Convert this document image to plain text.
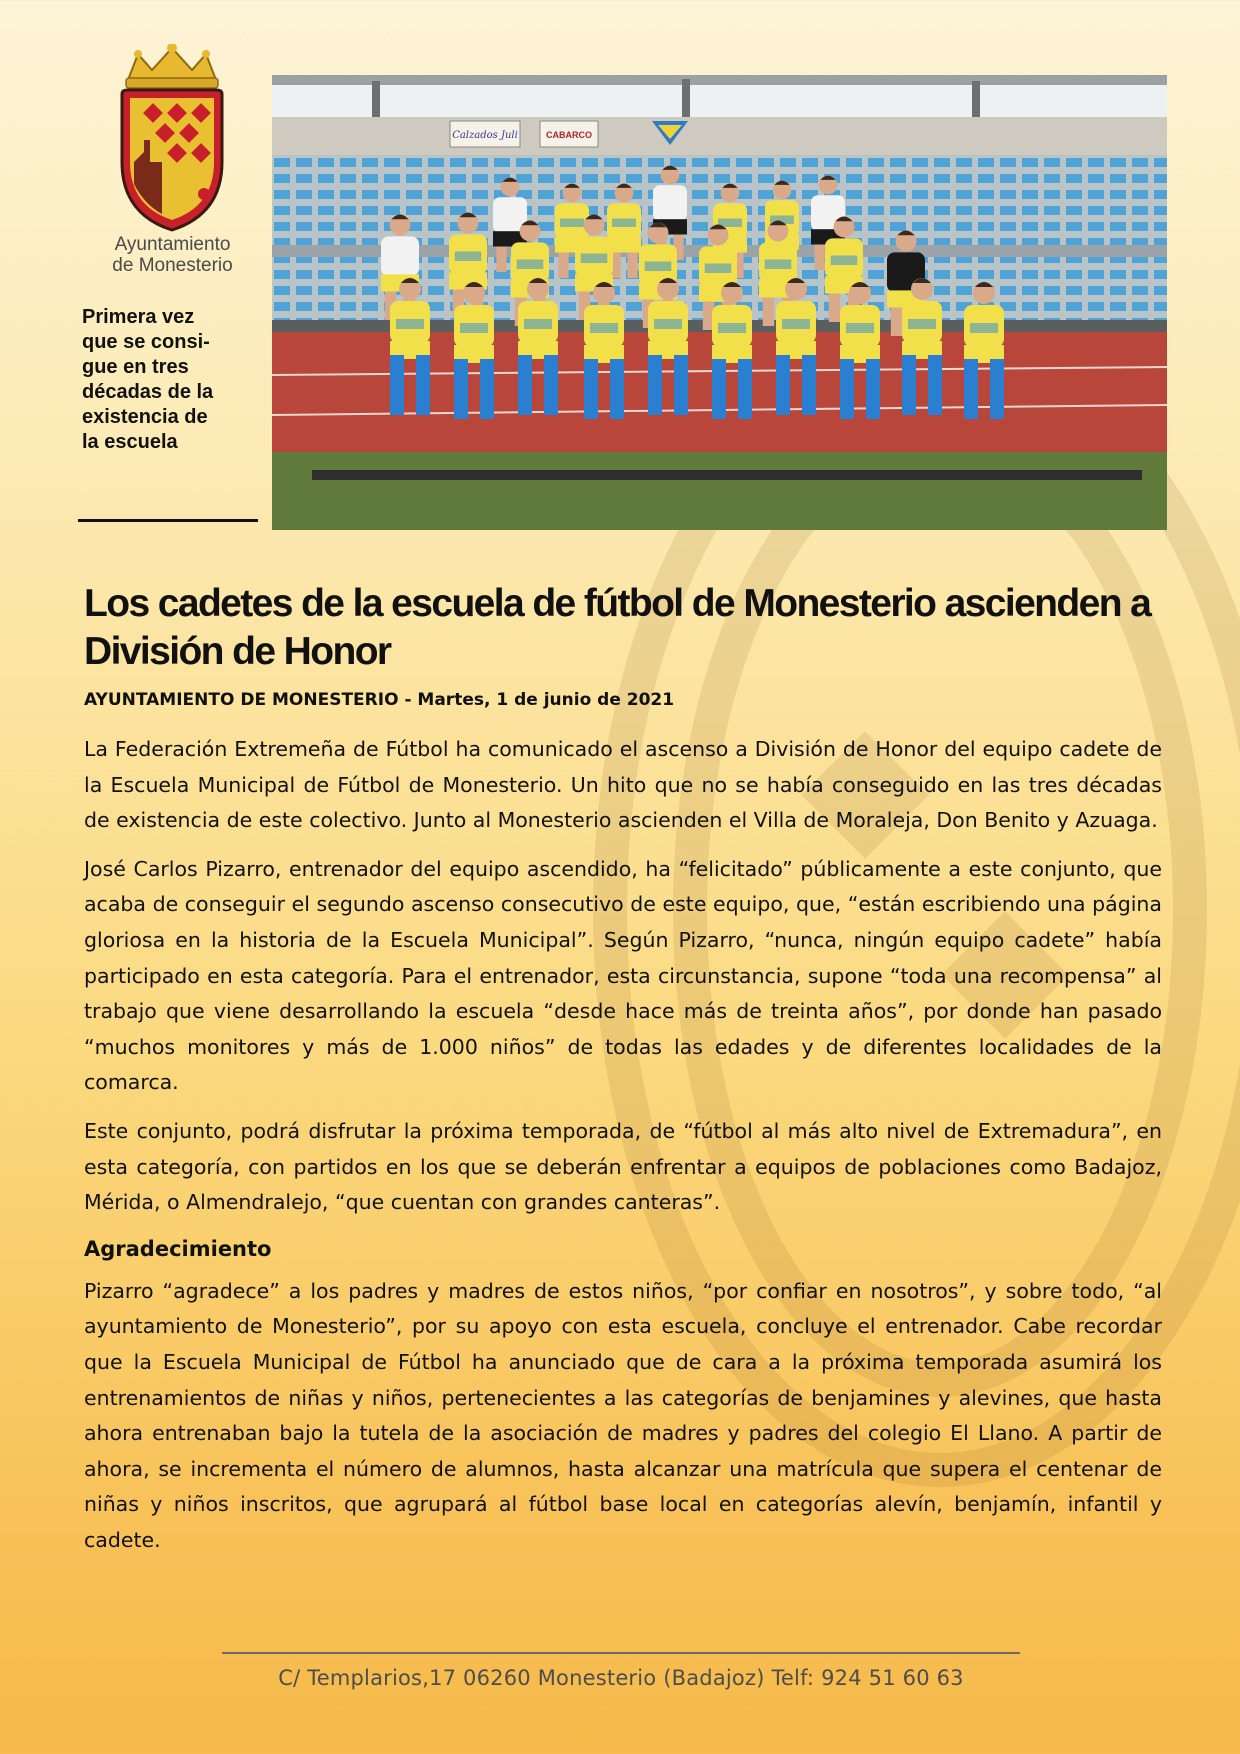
Ayuntamiento
de Monesterio
Primera vez
que se consi-
gue en tres
décadas de la
existencia de
la escuela
Calzados Juli	CABARCO
Los cadetes de la escuela de fútbol de Monesterio ascienden a División de Honor
AYUNTAMIENTO DE MONESTERIO - Martes, 1 de junio de 2021

La Federación Extremeña de Fútbol ha comunicado el ascenso a División de Honor del equipo cadete de la Escuela Municipal de Fútbol de Monesterio. Un hito que no se había conseguido en las tres décadas de existencia de este colectivo. Junto al Monesterio ascienden el Villa de Moraleja, Don Benito y Azuaga.

José Carlos Pizarro, entrenador del equipo ascendido, ha “felicitado” públicamente a este conjunto, que acaba de conseguir el segundo ascenso consecutivo de este equipo, que, “están escribiendo una página gloriosa en la historia de la Escuela Municipal”. Según Pizarro, “nunca, ningún equipo cadete” había participado en esta categoría. Para el entrenador, esta circunstancia, supone “toda una recompensa” al trabajo que viene desarrollando la escuela “desde hace más de treinta años”, por donde han pasado “muchos monitores y más de 1.000 niños” de todas las edades y de diferentes localidades de la comarca.

Este conjunto, podrá disfrutar la próxima temporada, de “fútbol al más alto nivel de Extremadura”, en esta categoría, con partidos en los que se deberán enfrentar a equipos de poblaciones como Badajoz, Mérida, o Almendralejo, “que cuentan con grandes canteras”.

Agradecimiento

Pizarro “agradece” a los padres y madres de estos niños, “por confiar en nosotros”, y sobre todo, “al ayuntamiento de Monesterio”, por su apoyo con esta escuela, concluye el entrenador. Cabe recordar que la Escuela Municipal de Fútbol ha anunciado que de cara a la próxima temporada asumirá los entrenamientos de niñas y niños, pertenecientes a las categorías de benjamines y alevines, que hasta ahora entrenaban bajo la tutela de la asociación de madres y padres del colegio El Llano. A partir de ahora, se incrementa el número de alumnos, hasta alcanzar una matrícula que supera el centenar de niñas y niños inscritos, que agrupará al fútbol base local en categorías alevín, benjamín, infantil y cadete.

C/ Templarios,17 06260 Monesterio (Badajoz) Telf: 924 51 60 63
